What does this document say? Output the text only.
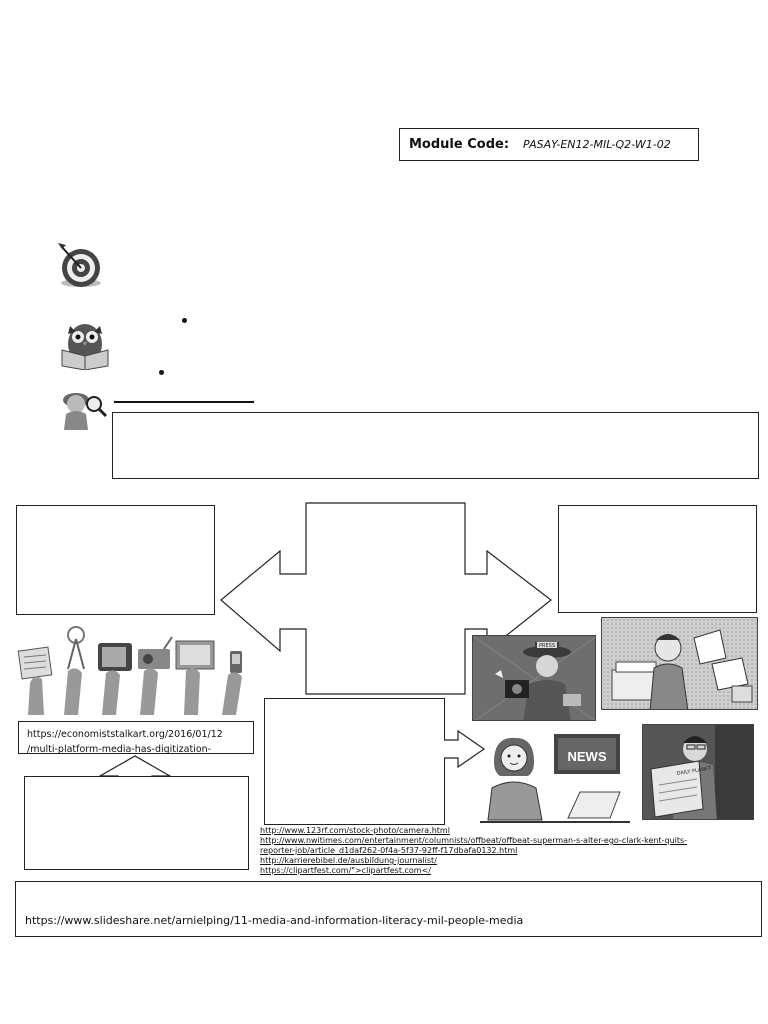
Module Code: PASAY-EN12-MIL-Q2-W1-02
https://economiststalkart.org/2016/01/12
/multi-platform-media-has-digitization-
PRESS
NEWS
DAILY PLANET
http://www.123rf.com/stock-photo/camera.html
http://www.nwitimes.com/entertainment/columnists/offbeat/offbeat-superman-s-alter-ego-clark-kent-quits-
reporter-job/article_d1daf262-0f4a-5f37-92ff-f17dbafa0132.html
http://karrierebibel.de/ausbildung-journalist/
https://clipartfest.com/">clipartfest.com</
https://www.slideshare.net/arnielping/11-media-and-information-literacy-mil-people-media
